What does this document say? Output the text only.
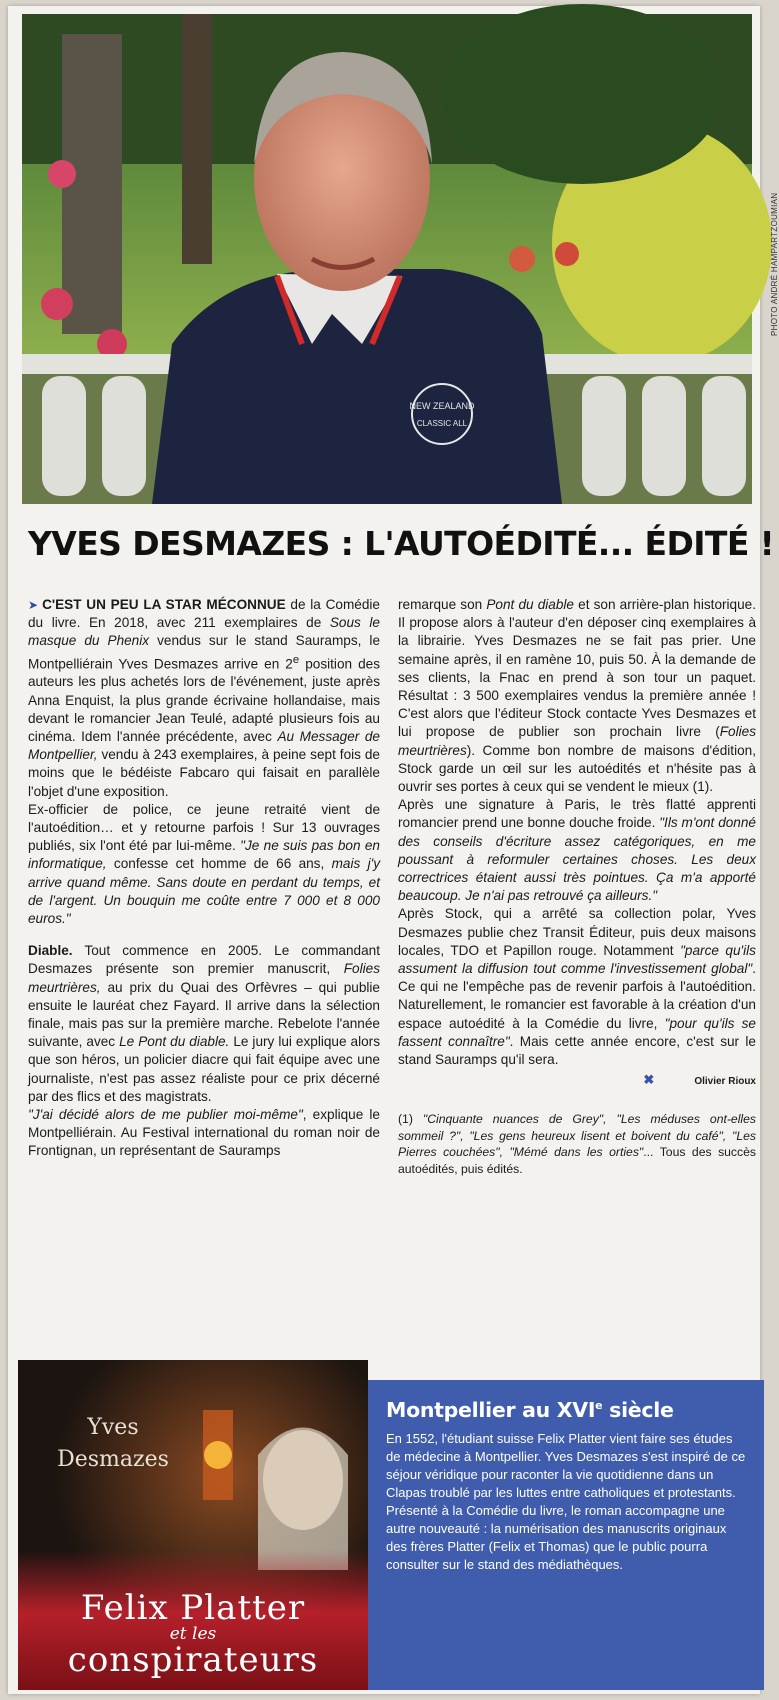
NEW ZEALAND
CLASSIC ALL
PHOTO ANDRÉ HAMPARTZOUMIAN
YVES DESMAZES : L'AUTOÉDITÉ... ÉDITÉ !

➤ C'EST UN PEU LA STAR MÉCONNUE de la Comédie du livre. En 2018, avec 211 exemplaires de Sous le masque du Phenix vendus sur le stand Sauramps, le Montpelliérain Yves Desmazes arrive en 2e position des auteurs les plus achetés lors de l'événement, juste après Anna Enquist, la plus grande écrivaine hollandaise, mais devant le romancier Jean Teulé, adapté plusieurs fois au cinéma. Idem l'année précédente, avec Au Messager de Montpellier, vendu à 243 exemplaires, à peine sept fois de moins que le bédéiste Fabcaro qui faisait en parallèle l'objet d'une exposition.

Ex-officier de police, ce jeune retraité vient de l'autoédition… et y retourne parfois ! Sur 13 ouvrages publiés, six l'ont été par lui-même. "Je ne suis pas bon en informatique, confesse cet homme de 66 ans, mais j'y arrive quand même. Sans doute en perdant du temps, et de l'argent. Un bouquin me coûte entre 7 000 et 8 000 euros."

Diable. Tout commence en 2005. Le commandant Desmazes présente son premier manuscrit, Folies meurtrières, au prix du Quai des Orfèvres – qui publie ensuite le lauréat chez Fayard. Il arrive dans la sélection finale, mais pas sur la première marche. Rebelote l'année suivante, avec Le Pont du diable. Le jury lui explique alors que son héros, un policier diacre qui fait équipe avec une journaliste, n'est pas assez réaliste pour ce prix décerné par des flics et des magistrats.

"J'ai décidé alors de me publier moi-même", explique le Montpelliérain. Au Festival international du roman noir de Frontignan, un représentant de Sauramps

remarque son Pont du diable et son arrière-plan historique. Il propose alors à l'auteur d'en déposer cinq exemplaires à la librairie. Yves Desmazes ne se fait pas prier. Une semaine après, il en ramène 10, puis 50. À la demande de ses clients, la Fnac en prend à son tour un paquet. Résultat : 3 500 exemplaires vendus la première année ! C'est alors que l'éditeur Stock contacte Yves Desmazes et lui propose de publier son prochain livre (Folies meurtrières). Comme bon nombre de maisons d'édition, Stock garde un œil sur les autoédités et n'hésite pas à ouvrir ses portes à ceux qui se vendent le mieux (1).

Après une signature à Paris, le très flatté apprenti romancier prend une bonne douche froide. "Ils m'ont donné des conseils d'écriture assez catégoriques, en me poussant à reformuler certaines choses. Les deux correctrices étaient aussi très pointues. Ça m'a apporté beaucoup. Je n'ai pas retrouvé ça ailleurs."

Après Stock, qui a arrêté sa collection polar, Yves Desmazes publie chez Transit Éditeur, puis deux maisons locales, TDO et Papillon rouge. Notamment "parce qu'ils assument la diffusion tout comme l'investissement global". Ce qui ne l'empêche pas de revenir parfois à l'autoédition. Naturellement, le romancier est favorable à la création d'un espace autoédité à la Comédie du livre, "pour qu'ils se fassent connaître". Mais cette année encore, c'est sur le stand Sauramps qu'il sera.

✖	Olivier Rioux

(1) "Cinquante nuances de Grey", "Les méduses ont-elles sommeil ?", "Les gens heureux lisent et boivent du café", "Les Pierres couchées", "Mémé dans les orties"... Tous des succès autoédités, puis édités.

Yves
Desmazes
Felix Platter
et les
conspirateurs
Montpellier au XVIe siècle

En 1552, l'étudiant suisse Felix Platter vient faire ses études de médecine à Montpellier. Yves Desmazes s'est inspiré de ce séjour véridique pour raconter la vie quotidienne dans un Clapas troublé par les luttes entre catholiques et protestants. Présenté à la Comédie du livre, le roman accompagne une autre nouveauté : la numérisation des manuscrits originaux des frères Platter (Felix et Thomas) que le public pourra consulter sur le stand des médiathèques.
